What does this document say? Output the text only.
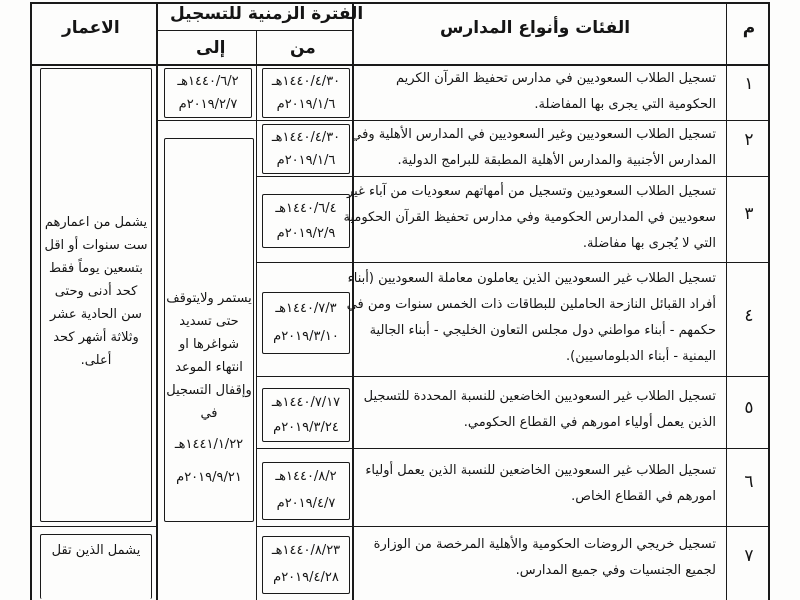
م
الفئات وأنواع المدارس
الفترة الزمنية للتسجيل
من
إلى
الاعمار
١
تسجيل الطلاب السعوديين في مدارس تحفيظ القرآن الكريم
الحكومية التي يجرى بها المفاضلة.
١٤٤٠/٤/٣٠هـ
٢٠١٩/١/٦م
١٤٤٠/٦/٢هـ
٢٠١٩/٢/٧م
٢
تسجيل الطلاب السعوديين وغير السعوديين في المدارس الأهلية وفي
المدارس الأجنبية والمدارس الأهلية المطبقة للبرامج الدولية.
١٤٤٠/٤/٣٠هـ
٢٠١٩/١/٦م
٣
تسجيل الطلاب السعوديين وتسجيل من أمهاتهم سعوديات من آباء غير
سعوديين في المدارس الحكومية وفي مدارس تحفيظ القرآن الحكومية
التي لا يُجرى بها مفاضلة.
١٤٤٠/٦/٤هـ
٢٠١٩/٢/٩م
٤
تسجيل الطلاب غير السعوديين الذين يعاملون معاملة السعوديين (أبناء
أفراد القبائل النازحة الحاملين للبطاقات ذات الخمس سنوات ومن في
حكمهم - أبناء مواطني دول مجلس التعاون الخليجي - أبناء الجالية
اليمنية - أبناء الدبلوماسيين).
١٤٤٠/٧/٣هـ
٢٠١٩/٣/١٠م
٥
تسجيل الطلاب غير السعوديين الخاضعين للنسبة المحددة للتسجيل
الذين يعمل أولياء امورهم في القطاع الحكومي.
١٤٤٠/٧/١٧هـ
٢٠١٩/٣/٢٤م
٦
تسجيل الطلاب غير السعوديين الخاضعين للنسبة الذين يعمل أولياء
امورهم في القطاع الخاص.
١٤٤٠/٨/٢هـ
٢٠١٩/٤/٧م
٧
تسجيل خريجي الروضات الحكومية والأهلية المرخصة من الوزارة
لجميع الجنسيات وفي جميع المدارس.
١٤٤٠/٨/٢٣هـ
٢٠١٩/٤/٢٨م
يستمر ولايتوقف
حتى تسديد
شواغرها او
انتهاء الموعد
وإقفال التسجيل
في
١٤٤١/١/٢٢هـ
٢٠١٩/٩/٢١م
يشمل من اعمارهم
ست سنوات أو اقل
بتسعين يوماً فقط
كحد أدنى وحتى
سن الحادية عشر
وثلاثة أشهر كحد
أعلى.
يشمل الذين تقل
